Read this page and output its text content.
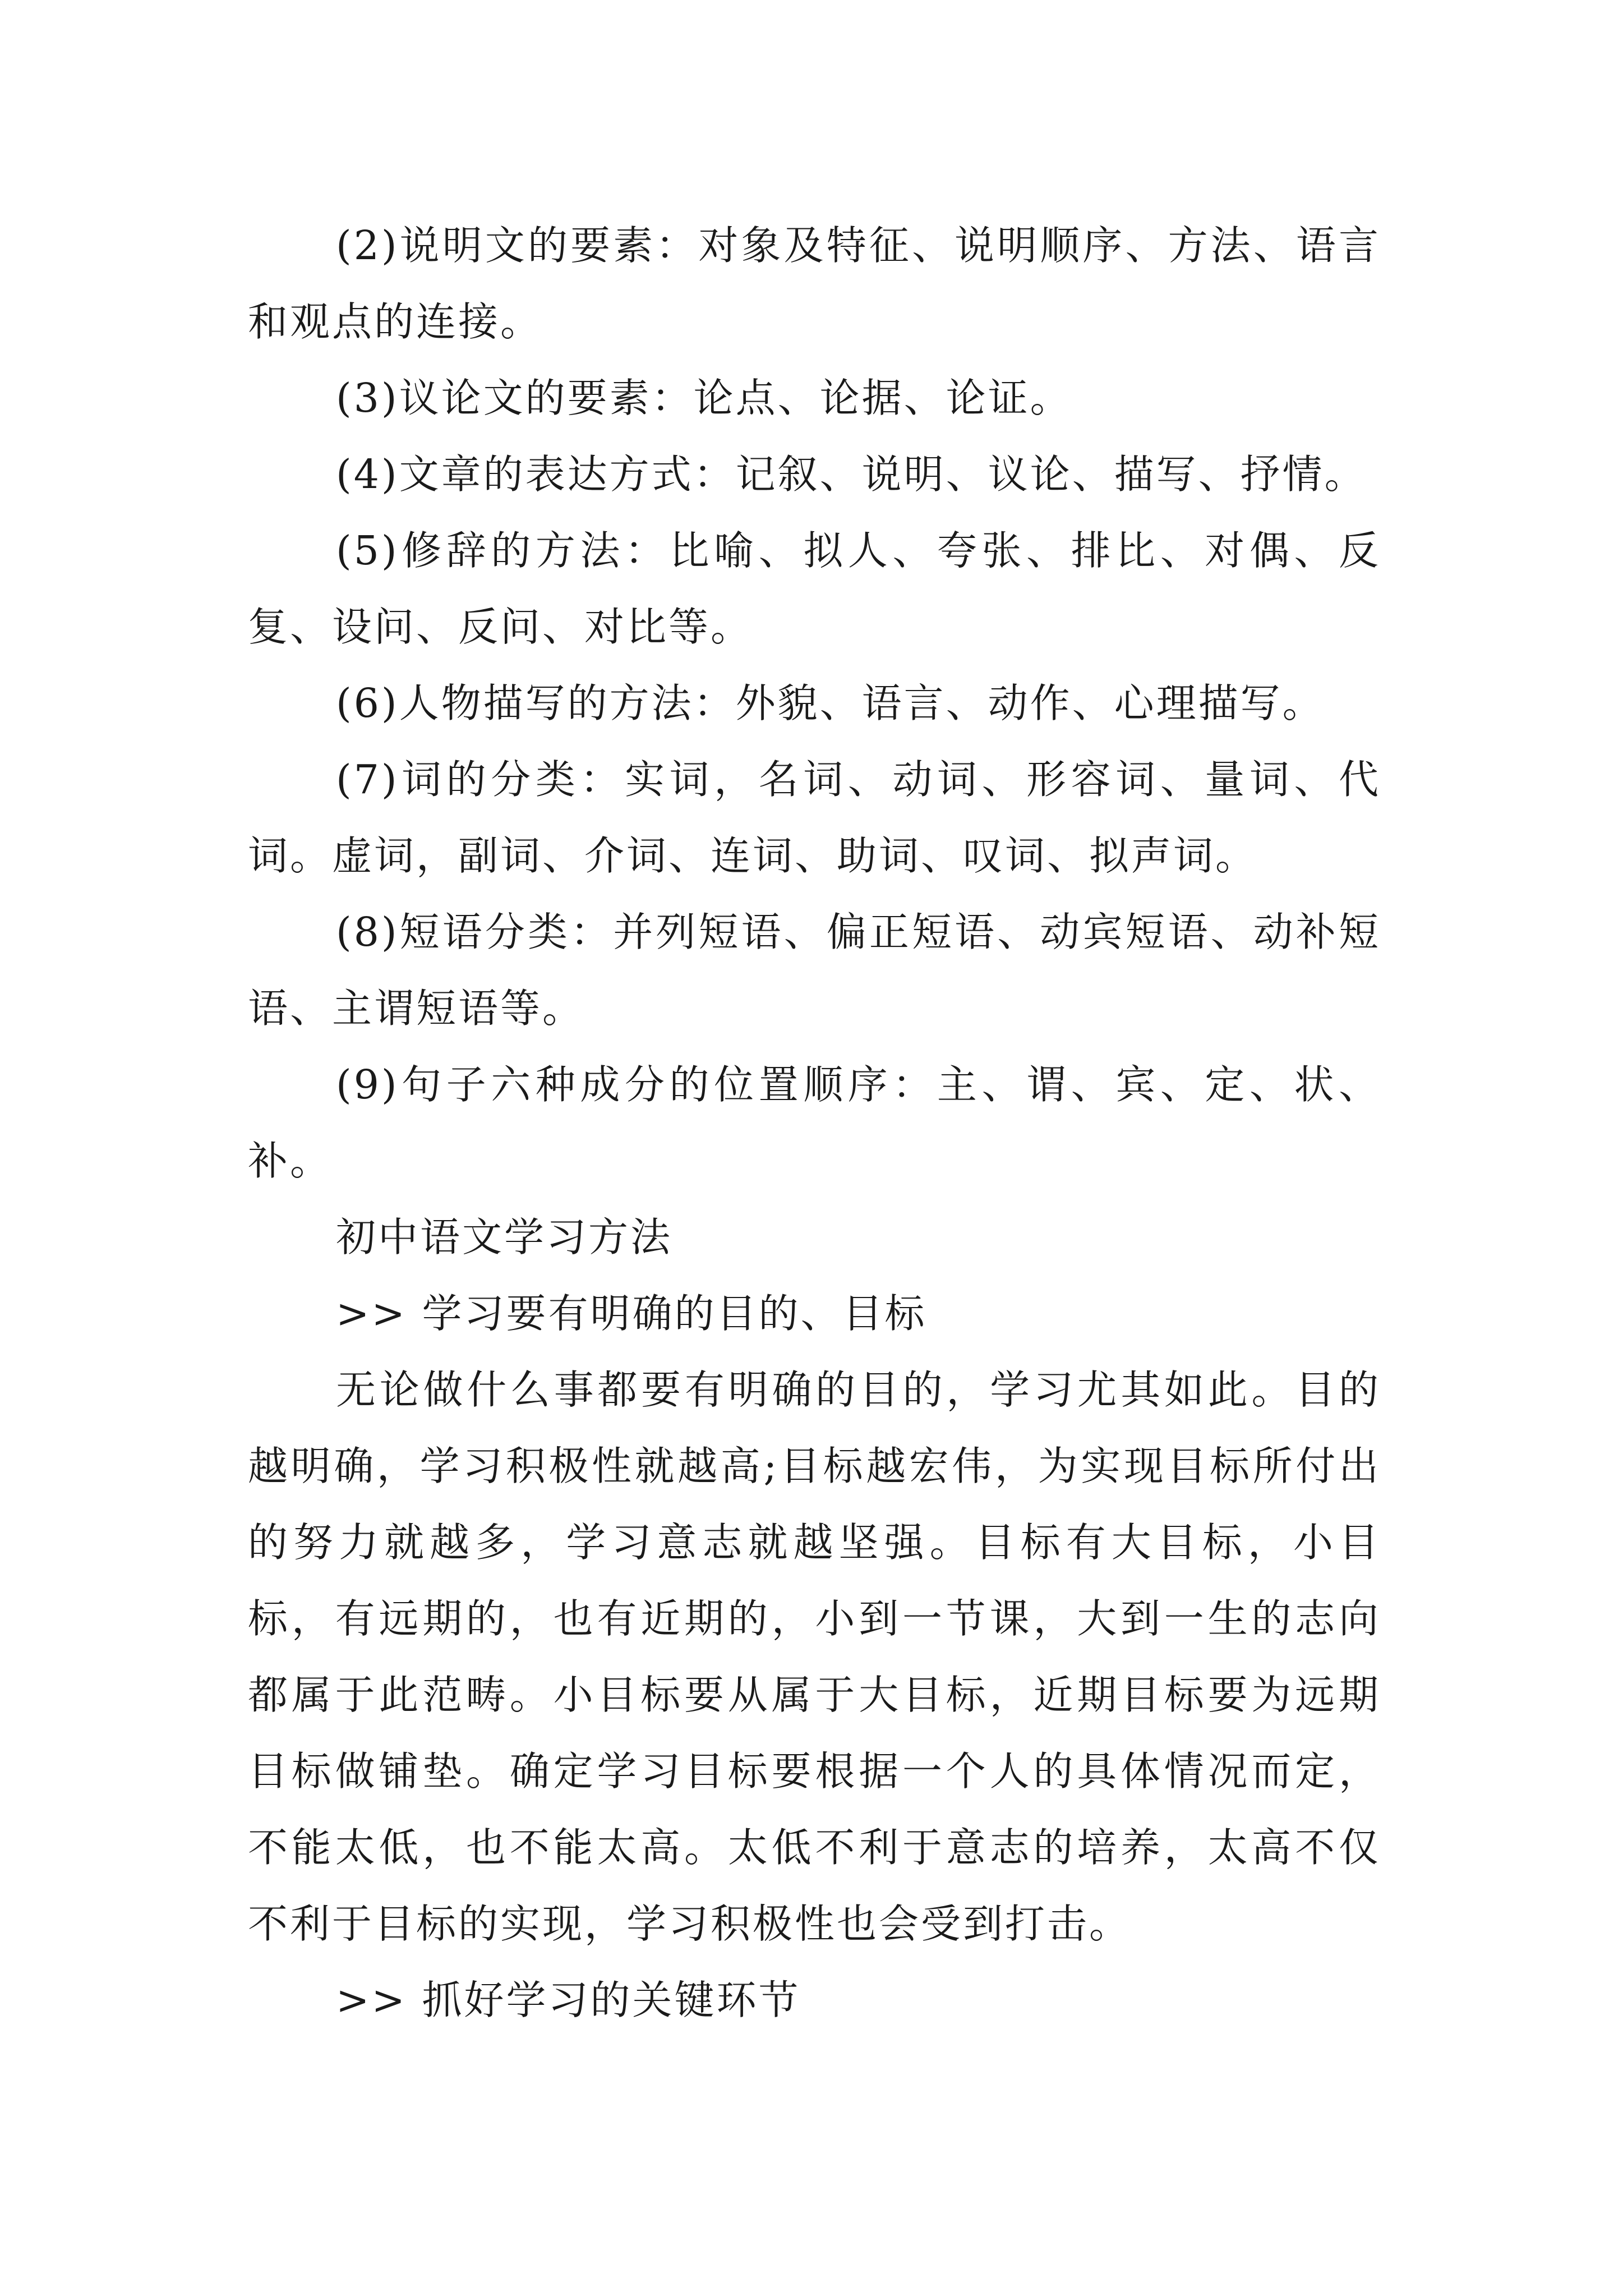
(2)说明文的要素：对象及特征、说明顺序、方法、语言和观点的连接。

(3)议论文的要素：论点、论据、论证。

(4)文章的表达方式：记叙、说明、议论、描写、抒情。

(5)修辞的方法：比喻、拟人、夸张、排比、对偶、反复、设问、反问、对比等。

(6)人物描写的方法：外貌、语言、动作、心理描写。

(7)词的分类：实词，名词、动词、形容词、量词、代词。虚词，副词、介词、连词、助词、叹词、拟声词。

(8)短语分类：并列短语、偏正短语、动宾短语、动补短语、主谓短语等。

(9)句子六种成分的位置顺序：主、谓、宾、定、状、补。

初中语文学习方法

>> 学习要有明确的目的、目标

无论做什么事都要有明确的目的，学习尤其如此。目的越明确，学习积极性就越高;目标越宏伟，为实现目标所付出的努力就越多，学习意志就越坚强。目标有大目标，小目标，有远期的，也有近期的，小到一节课，大到一生的志向都属于此范畴。小目标要从属于大目标，近期目标要为远期目标做铺垫。确定学习目标要根据一个人的具体情况而定，不能太低，也不能太高。太低不利于意志的培养，太高不仅不利于目标的实现，学习积极性也会受到打击。

>> 抓好学习的关键环节
